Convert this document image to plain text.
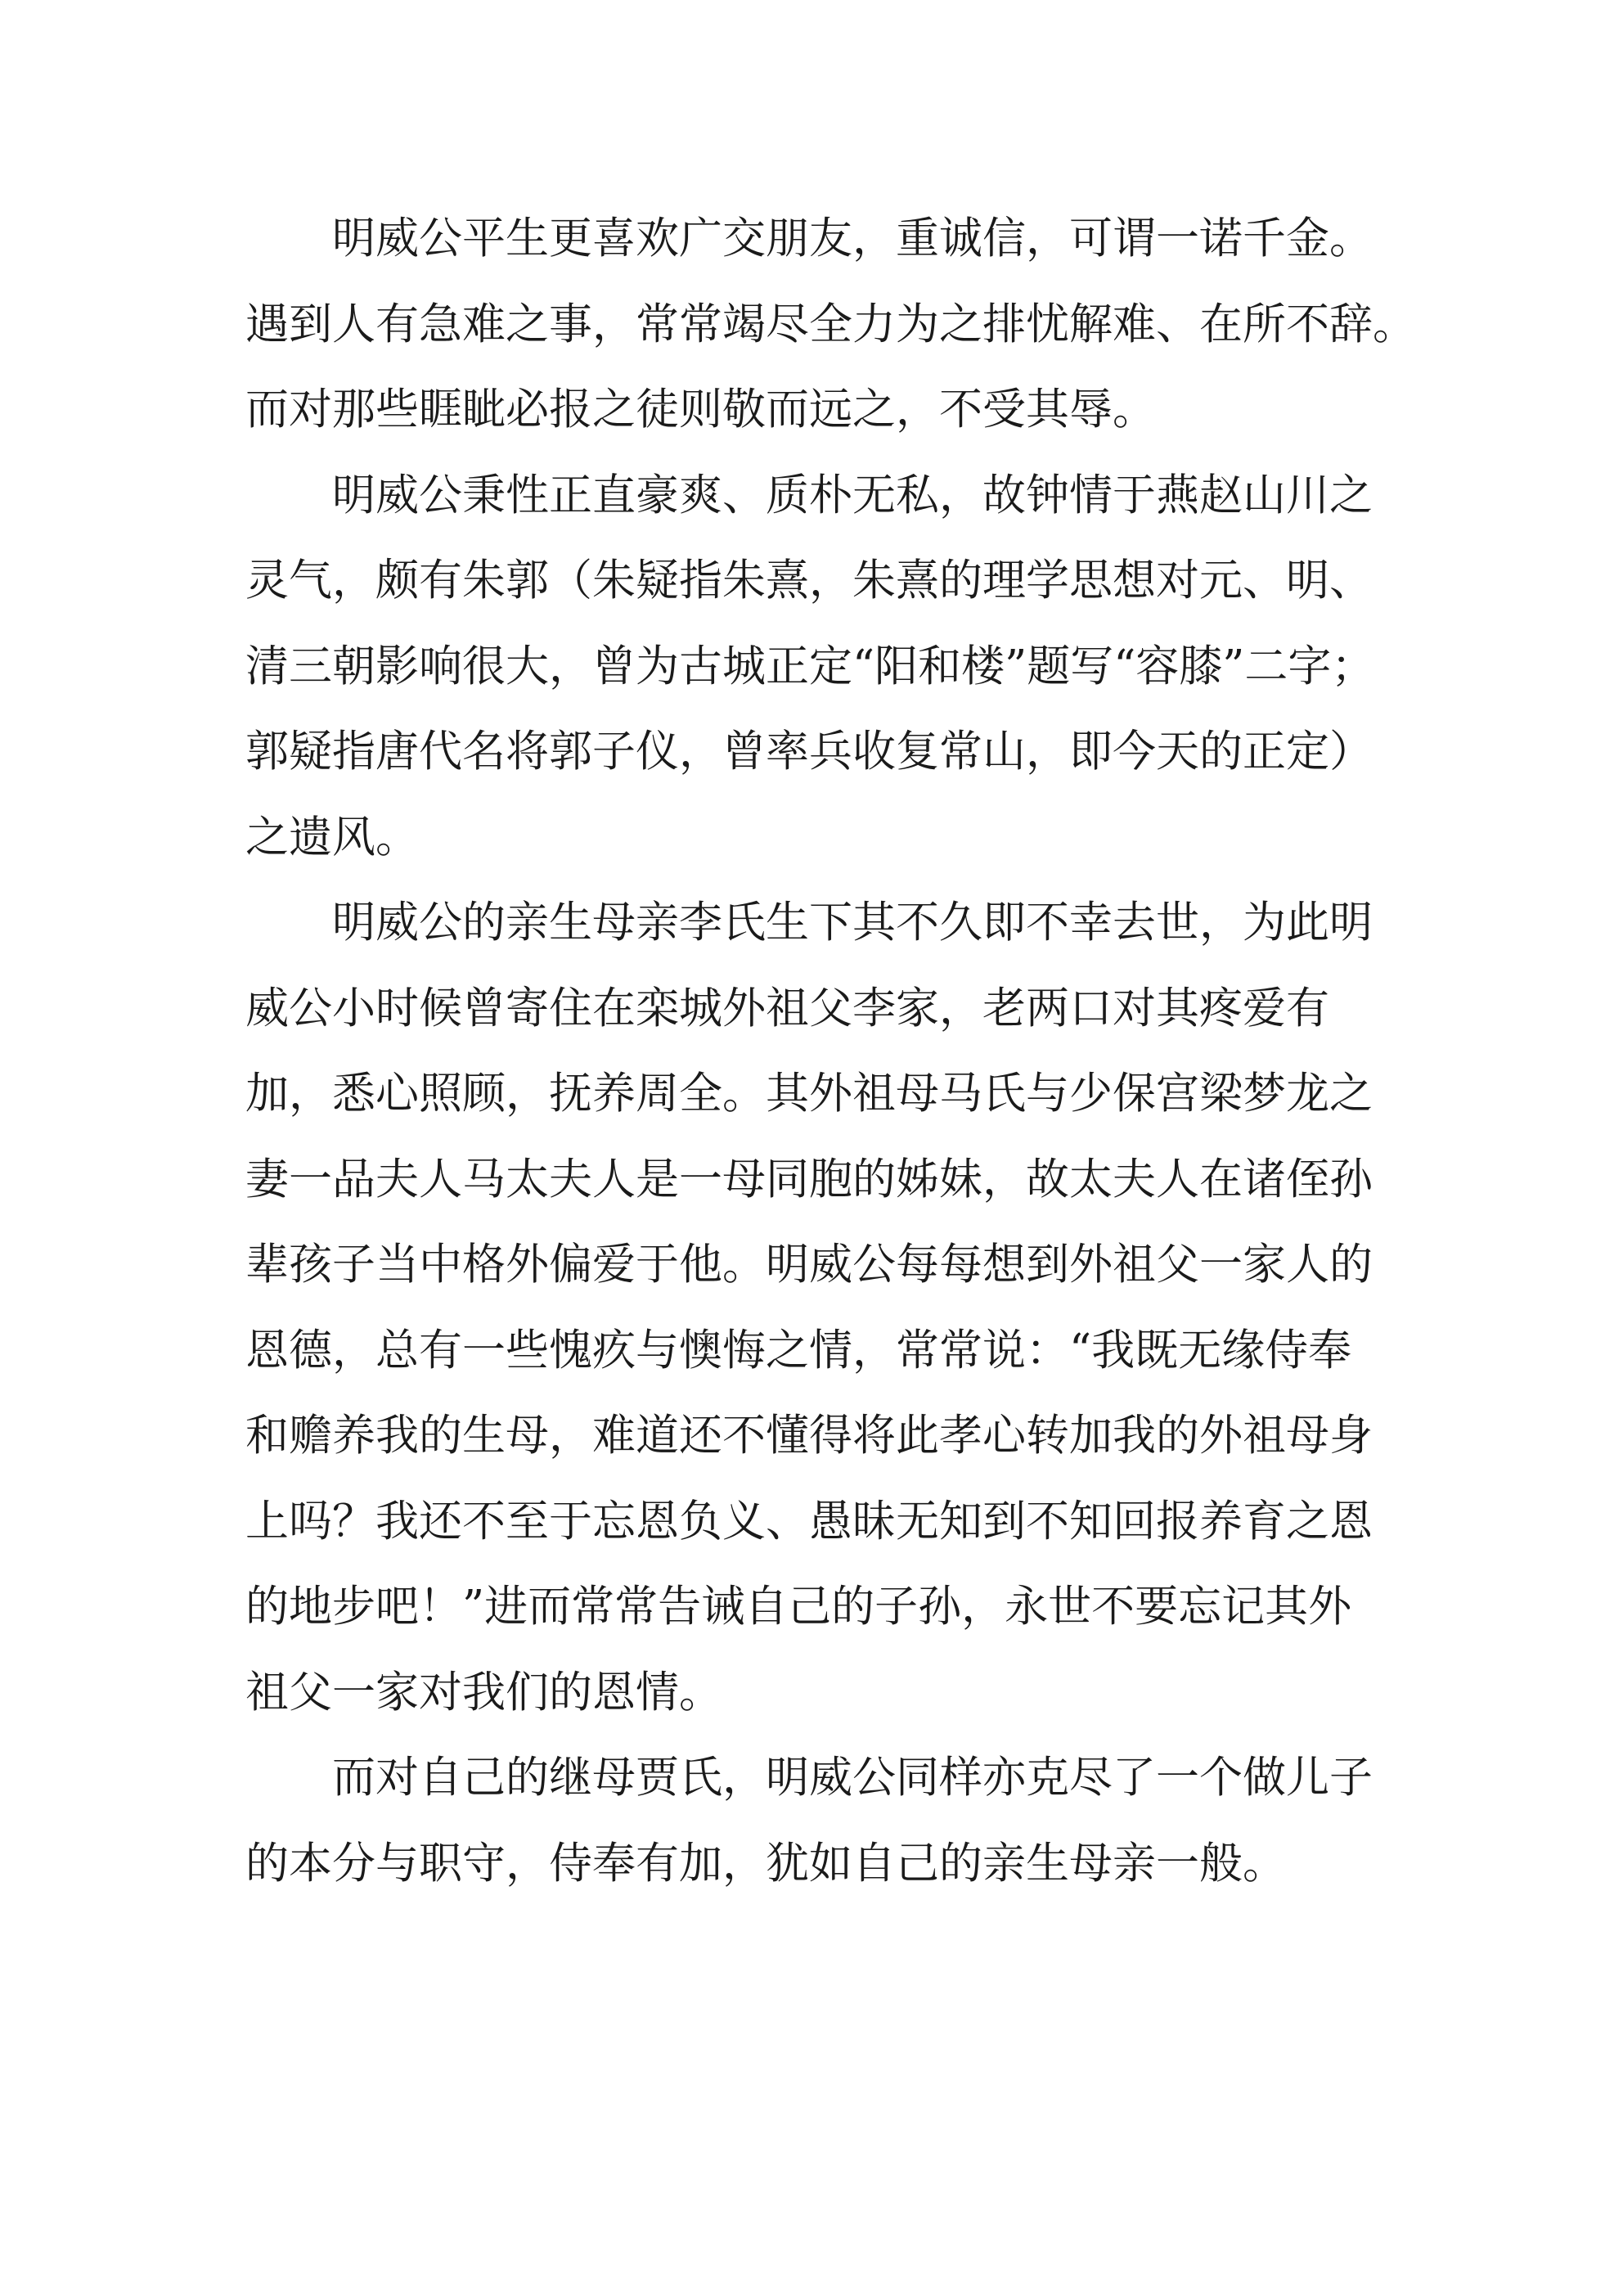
明威公平生更喜欢广交朋友，重诚信，可谓一诺千金。
遇到人有急难之事，常常竭尽全力为之排忧解难、在所不辞。
而对那些睚眦必报之徒则敬而远之，不受其辱。
明威公秉性正直豪爽、质朴无私，故钟情于燕赵山川之
灵气，颇有朱郭（朱疑指朱熹，朱熹的理学思想对元、明、
清三朝影响很大，曾为古城正定“阳和楼”题写“容膝”二字；
郭疑指唐代名将郭子仪，曾率兵收复常山，即今天的正定）
之遗风。
明威公的亲生母亲李氏生下其不久即不幸去世，为此明
威公小时候曾寄住在栾城外祖父李家，老两口对其疼爱有
加，悉心照顾，抚养周全。其外祖母马氏与少保宫梁梦龙之
妻一品夫人马太夫人是一母同胞的姊妹，故太夫人在诸侄孙
辈孩子当中格外偏爱于他。明威公每每想到外祖父一家人的
恩德，总有一些愧疚与懊悔之情，常常说：“我既无缘侍奉
和赡养我的生母，难道还不懂得将此孝心转加我的外祖母身
上吗？我还不至于忘恩负义、愚昧无知到不知回报养育之恩
的地步吧！”进而常常告诫自己的子孙，永世不要忘记其外
祖父一家对我们的恩情。
而对自己的继母贾氏，明威公同样亦克尽了一个做儿子
的本分与职守，侍奉有加，犹如自己的亲生母亲一般。
